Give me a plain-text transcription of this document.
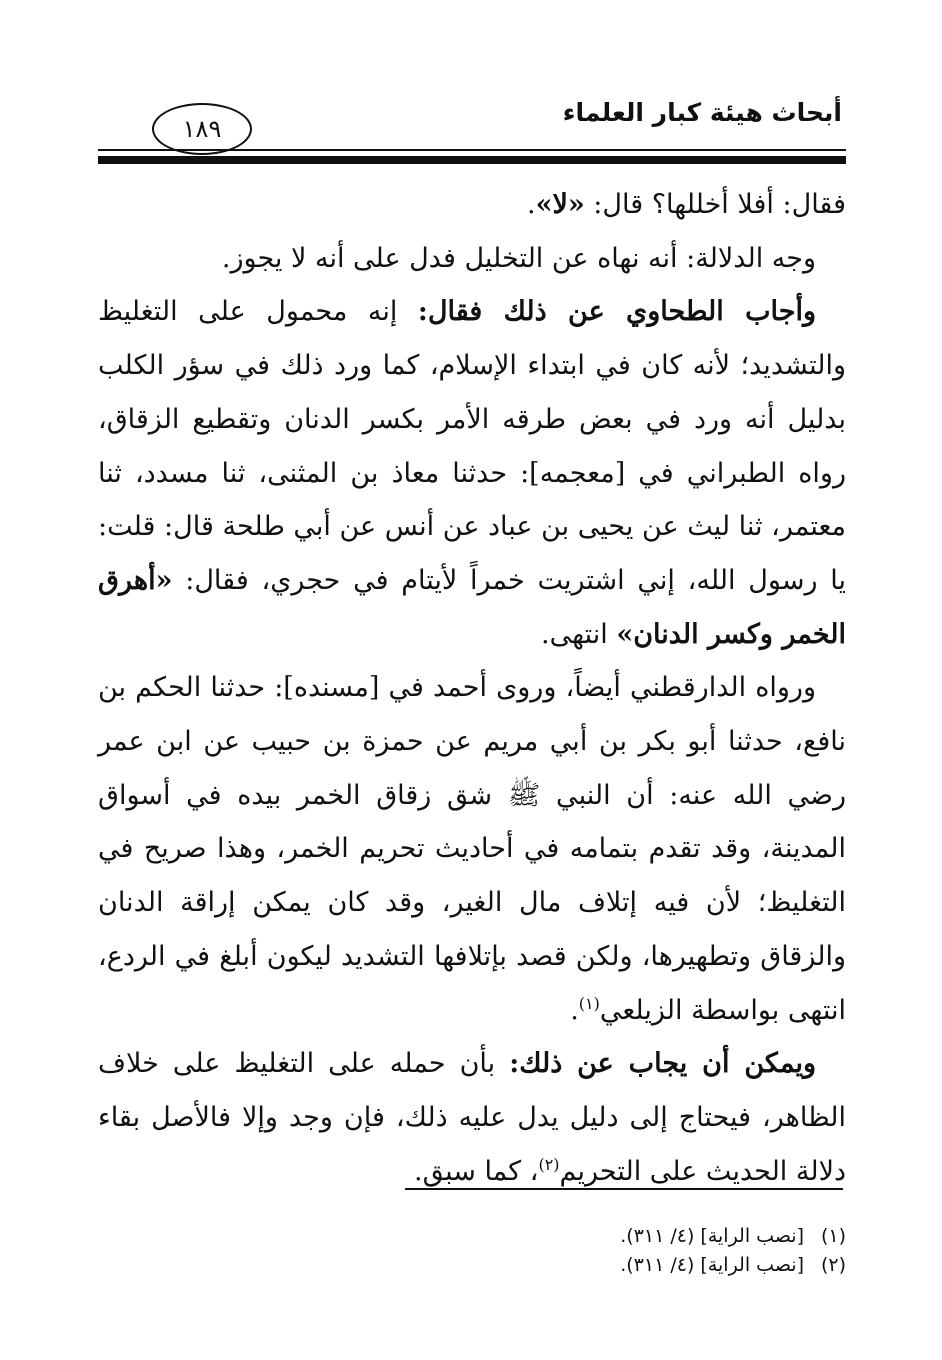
أبحاث هيئة كبار العلماء
١٨٩

فقال: أفلا أخللها؟ قال: «لا».

وجه الدلالة: أنه نهاه عن التخليل فدل على أنه لا يجوز.

وأجاب الطحاوي عن ذلك فقال: إنه محمول على التغليظ والتشديد؛ لأنه كان في ابتداء الإسلام، كما ورد ذلك في سؤر الكلب بدليل أنه ورد في بعض طرقه الأمر بكسر الدنان وتقطيع الزقاق، رواه الطبراني في [معجمه]: حدثنا معاذ بن المثنى، ثنا مسدد، ثنا معتمر، ثنا ليث عن يحيى بن عباد عن أنس عن أبي طلحة قال: قلت: يا رسول الله، إني اشتريت خمراً لأيتام في حجري، فقال: «أهرق الخمر وكسر الدنان» انتهى.

ورواه الدارقطني أيضاً، وروى أحمد في [مسنده]: حدثنا الحكم بن نافع، حدثنا أبو بكر بن أبي مريم عن حمزة بن حبيب عن ابن عمر رضي الله عنه: أن النبي ﷺ شق زقاق الخمر بيده في أسواق المدينة، وقد تقدم بتمامه في أحاديث تحريم الخمر، وهذا صريح في التغليظ؛ لأن فيه إتلاف مال الغير، وقد كان يمكن إراقة الدنان والزقاق وتطهيرها، ولكن قصد بإتلافها التشديد ليكون أبلغ في الردع، انتهى بواسطة الزيلعي$^{(١)}$.

ويمكن أن يجاب عن ذلك: بأن حمله على التغليظ على خلاف الظاهر، فيحتاج إلى دليل يدل عليه ذلك، فإن وجد وإلا فالأصل بقاء دلالة الحديث على التحريم$^{(٢)}$، كما سبق.

(١)[نصب الراية] (٤/ ٣١١).
(٢)[نصب الراية] (٤/ ٣١١).
